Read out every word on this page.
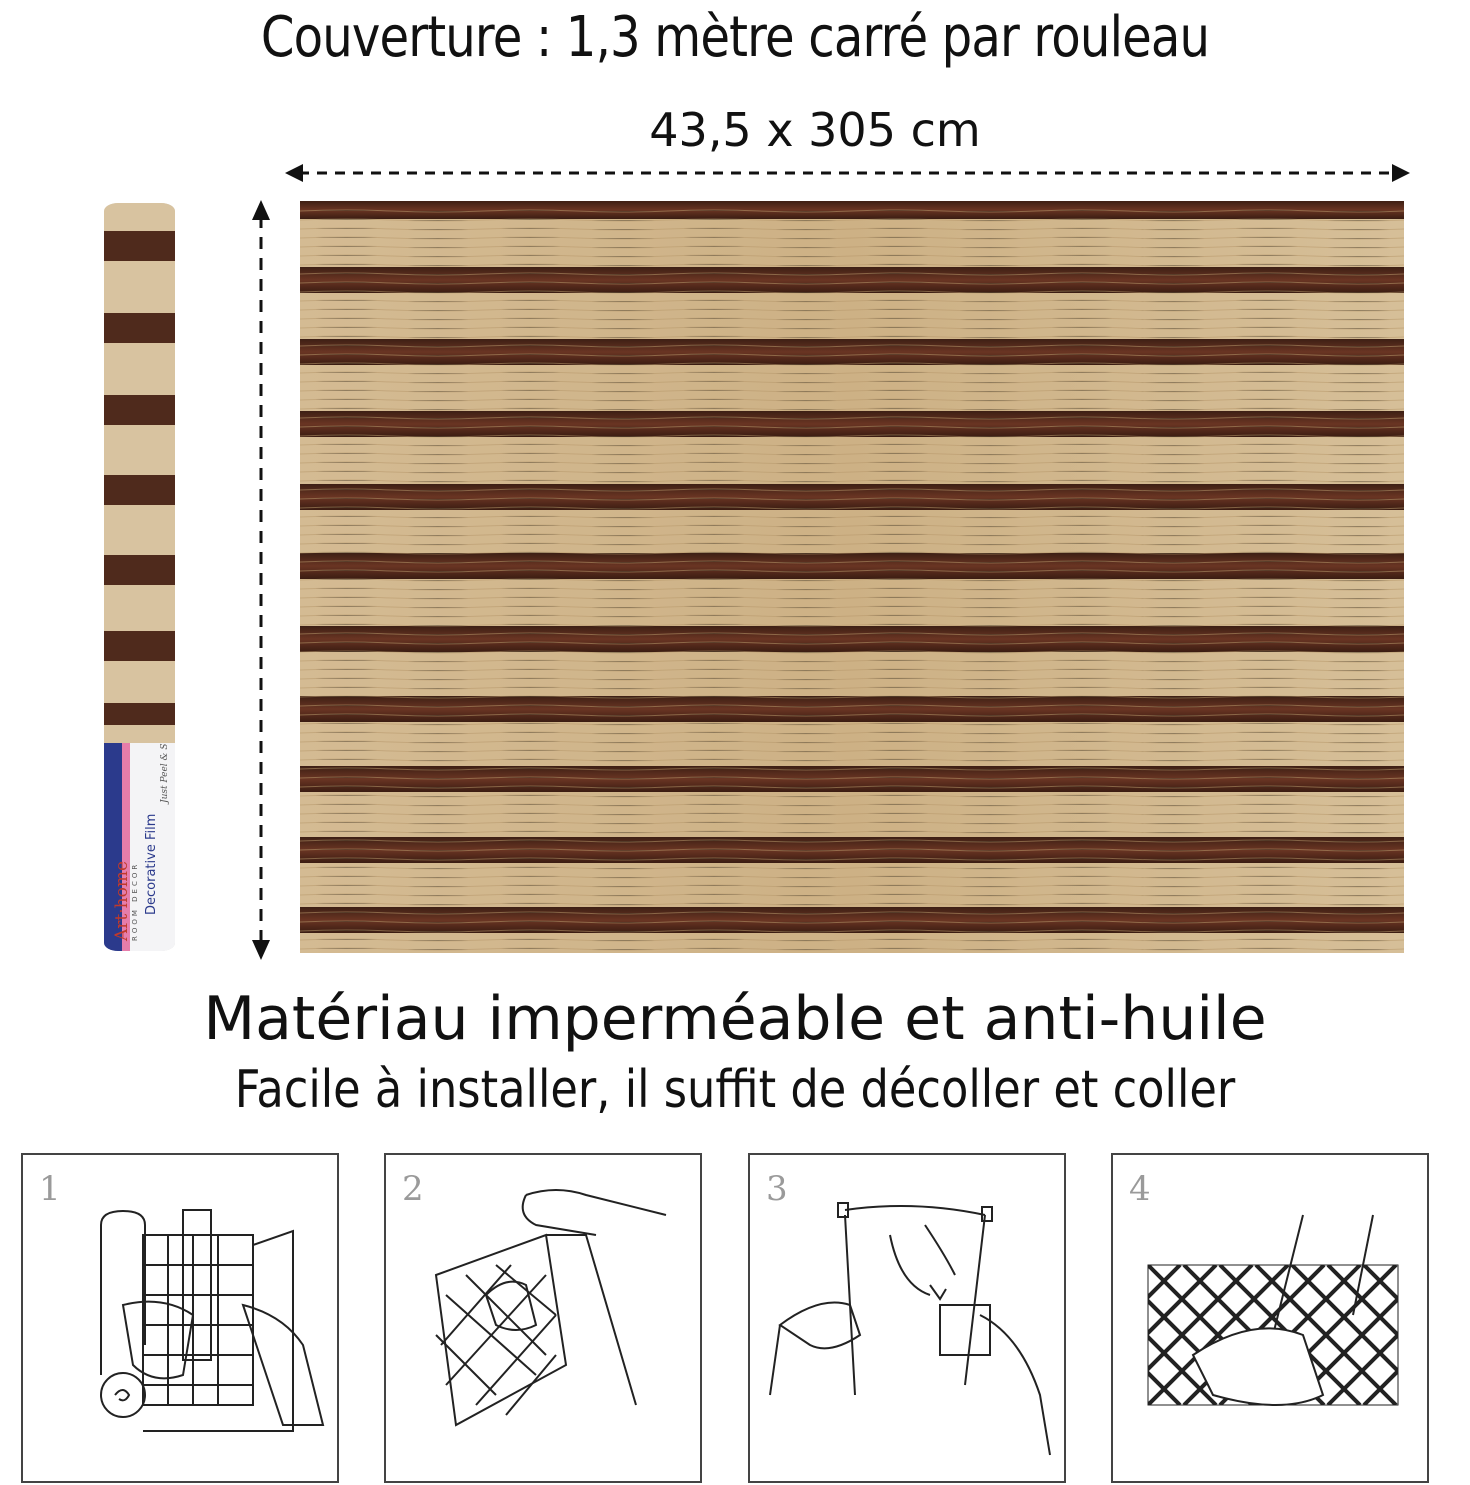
Couverture : 1,3 mètre carré par rouleau
43,5 x 305 cm
Art·home ROOM DECOR Decorative Film
Just Peel & S
Matériau imperméable et anti-huile
Facile à installer, il suffit de décoller et coller
1	2	3	4
